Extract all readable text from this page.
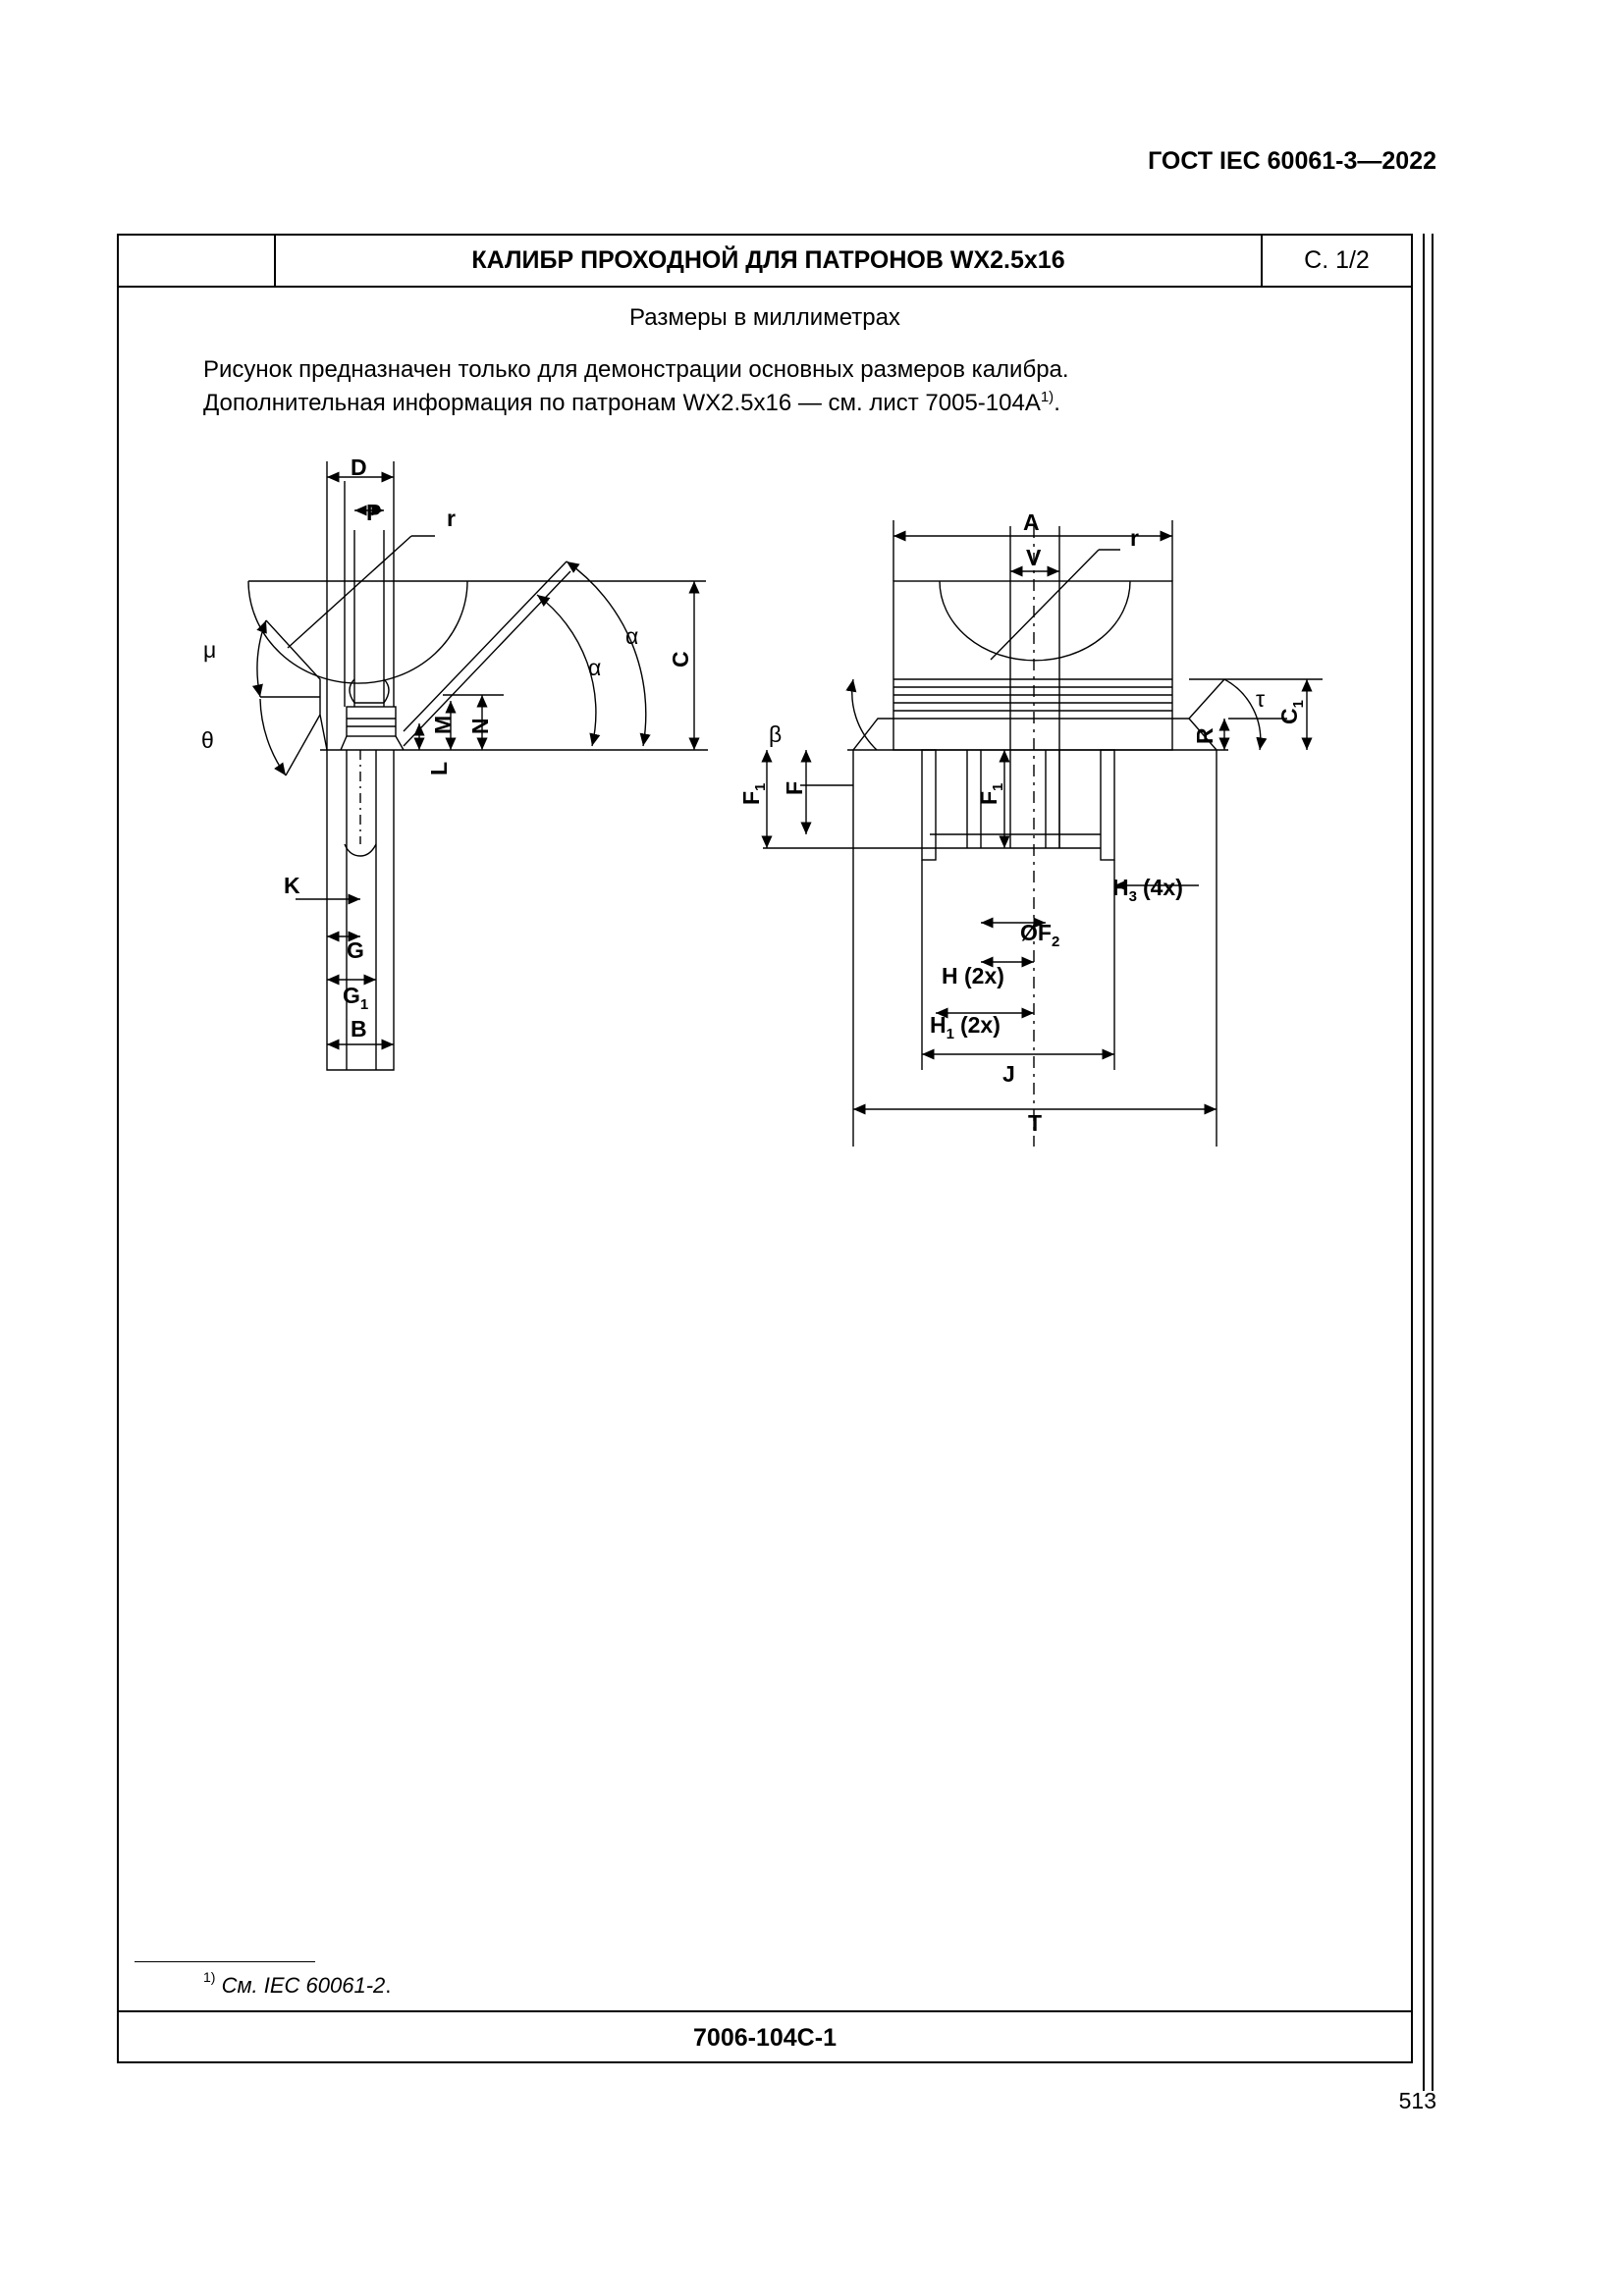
ГОСТ IEC 60061-3—2022
КАЛИБР ПРОХОДНОЙ ДЛЯ ПАТРОНОВ WX2.5x16	С. 1/2
Размеры в миллиметрах
Рисунок предназначен только для демонстрации основных размеров калибра.
Дополнительная информация по патронам WX2.5x16 — см. лист $7005-104A^{1)}$.
D
P	r
μ
θ
α
α	C
N
M
L
K
G
$G_1$
B
A
V
r
β
τ
$C_1$
R
$F_1$ F
$F_1$
$H_3$ (4x)
$ØF_2$
H (2x)
$H_1$ (2x)
J
T
$^{1)}$ См. IEC 60061-2.
7006-104C-1
513
